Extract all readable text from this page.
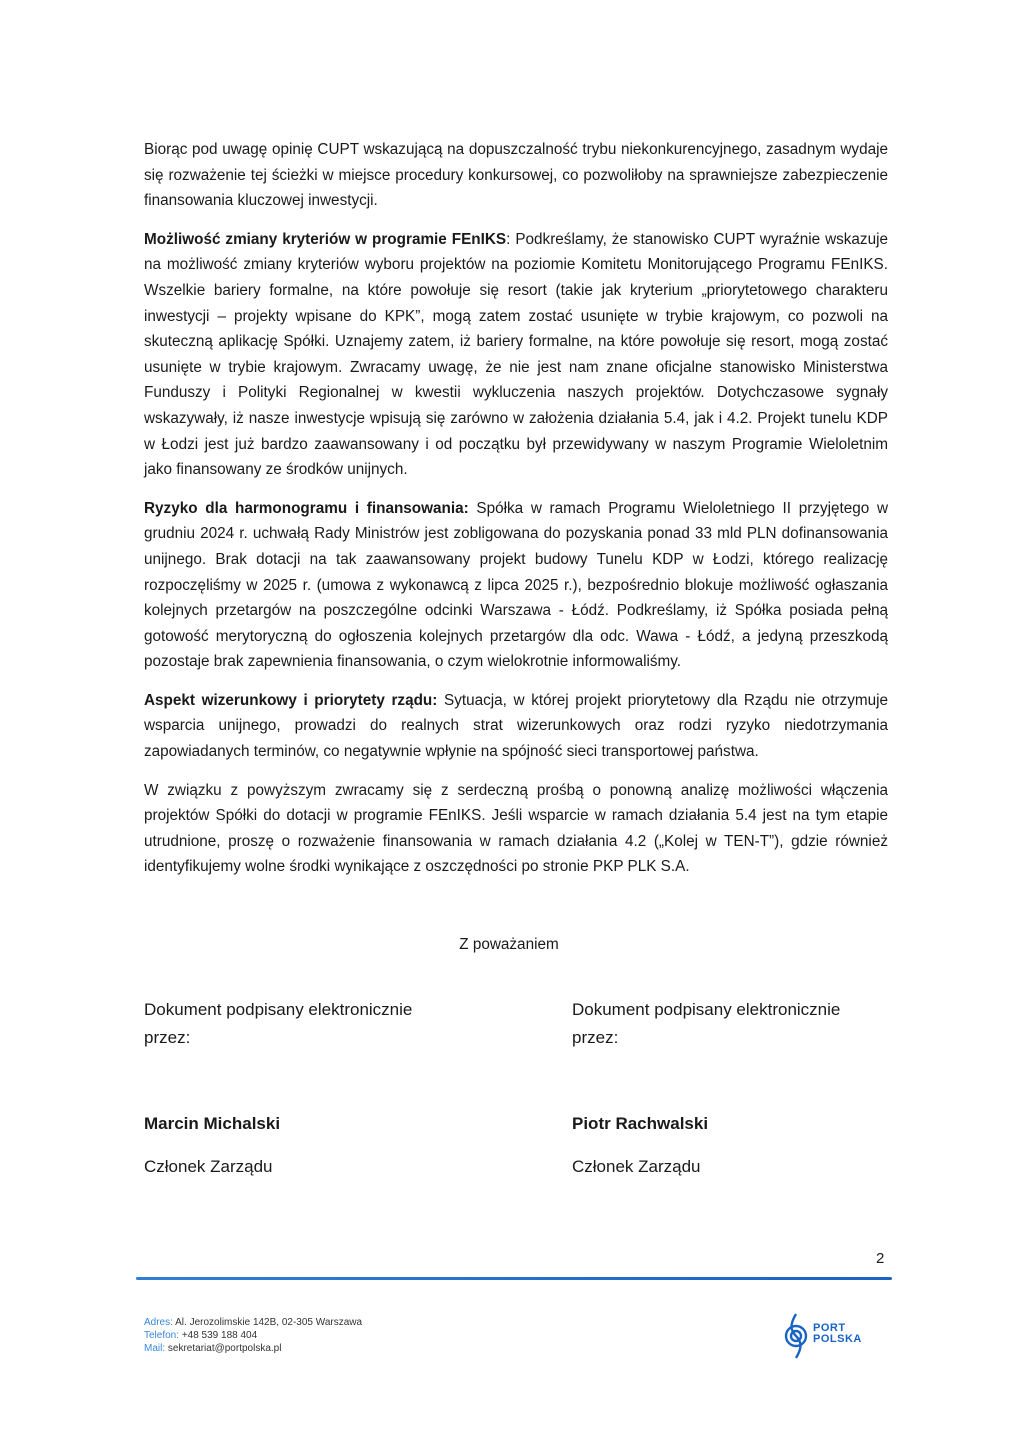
Biorąc pod uwagę opinię CUPT wskazującą na dopuszczalność trybu niekonkurencyjnego, zasadnym wydaje się rozważenie tej ścieżki w miejsce procedury konkursowej, co pozwoliłoby na sprawniejsze zabezpieczenie finansowania kluczowej inwestycji.

Możliwość zmiany kryteriów w programie FEnIKS: Podkreślamy, że stanowisko CUPT wyraźnie wskazuje na możliwość zmiany kryteriów wyboru projektów na poziomie Komitetu Monitorującego Programu FEnIKS. Wszelkie bariery formalne, na które powołuje się resort (takie jak kryterium „priorytetowego charakteru inwestycji – projekty wpisane do KPK”, mogą zatem zostać usunięte w trybie krajowym, co pozwoli na skuteczną aplikację Spółki. Uznajemy zatem, iż bariery formalne, na które powołuje się resort, mogą zostać usunięte w trybie krajowym. Zwracamy uwagę, że nie jest nam znane oficjalne stanowisko Ministerstwa Funduszy i Polityki Regionalnej w kwestii wykluczenia naszych projektów. Dotychczasowe sygnały wskazywały, iż nasze inwestycje wpisują się zarówno w założenia działania 5.4, jak i 4.2. Projekt tunelu KDP w Łodzi jest już bardzo zaawansowany i od początku był przewidywany w naszym Programie Wieloletnim jako finansowany ze środków unijnych.

Ryzyko dla harmonogramu i finansowania: Spółka w ramach Programu Wieloletniego II przyjętego w grudniu 2024 r. uchwałą Rady Ministrów jest zobligowana do pozyskania ponad 33 mld PLN dofinansowania unijnego. Brak dotacji na tak zaawansowany projekt budowy Tunelu KDP w Łodzi, którego realizację rozpoczęliśmy w 2025 r. (umowa z wykonawcą z lipca 2025 r.), bezpośrednio blokuje możliwość ogłaszania kolejnych przetargów na poszczególne odcinki Warszawa - Łódź. Podkreślamy, iż Spółka posiada pełną gotowość merytoryczną do ogłoszenia kolejnych przetargów dla odc. Wawa - Łódź, a jedyną przeszkodą pozostaje brak zapewnienia finansowania, o czym wielokrotnie informowaliśmy.

Aspekt wizerunkowy i priorytety rządu: Sytuacja, w której projekt priorytetowy dla Rządu nie otrzymuje wsparcia unijnego, prowadzi do realnych strat wizerunkowych oraz rodzi ryzyko niedotrzymania zapowiadanych terminów, co negatywnie wpłynie na spójność sieci transportowej państwa.

W związku z powyższym zwracamy się z serdeczną prośbą o ponowną analizę możliwości włączenia projektów Spółki do dotacji w programie FEnIKS. Jeśli wsparcie w ramach działania 5.4 jest na tym etapie utrudnione, proszę o rozważenie finansowania w ramach działania 4.2 („Kolej w TEN-T”), gdzie również identyfikujemy wolne środki wynikające z oszczędności po stronie PKP PLK S.A.

Z poważaniem
Dokument podpisany elektronicznie przez:
Marcin Michalski
Członek Zarządu
Dokument podpisany elektronicznie przez:
Piotr Rachwalski
Członek Zarządu
2
Adres: Al. Jerozolimskie 142B, 02-305 Warszawa
Telefon: +48 539 188 404
Mail: sekretariat@portpolska.pl
PORT
POLSKA
